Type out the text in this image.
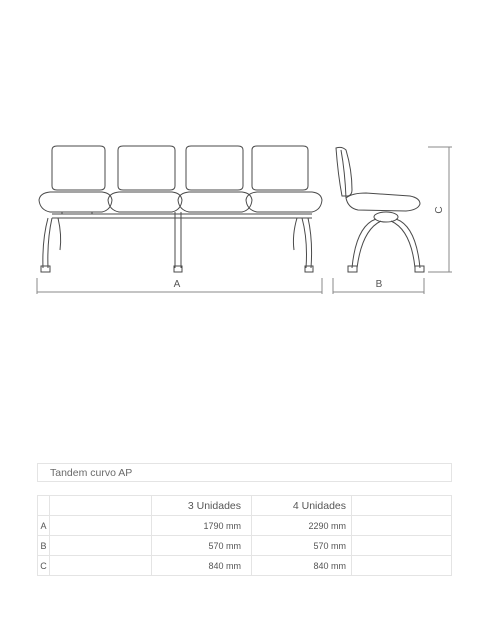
A	B
C
Tandem curvo AP
		3 Unidades	4 Unidades	
A		1790 mm	2290 mm	
B		570 mm	570 mm	
C		840 mm	840 mm	
